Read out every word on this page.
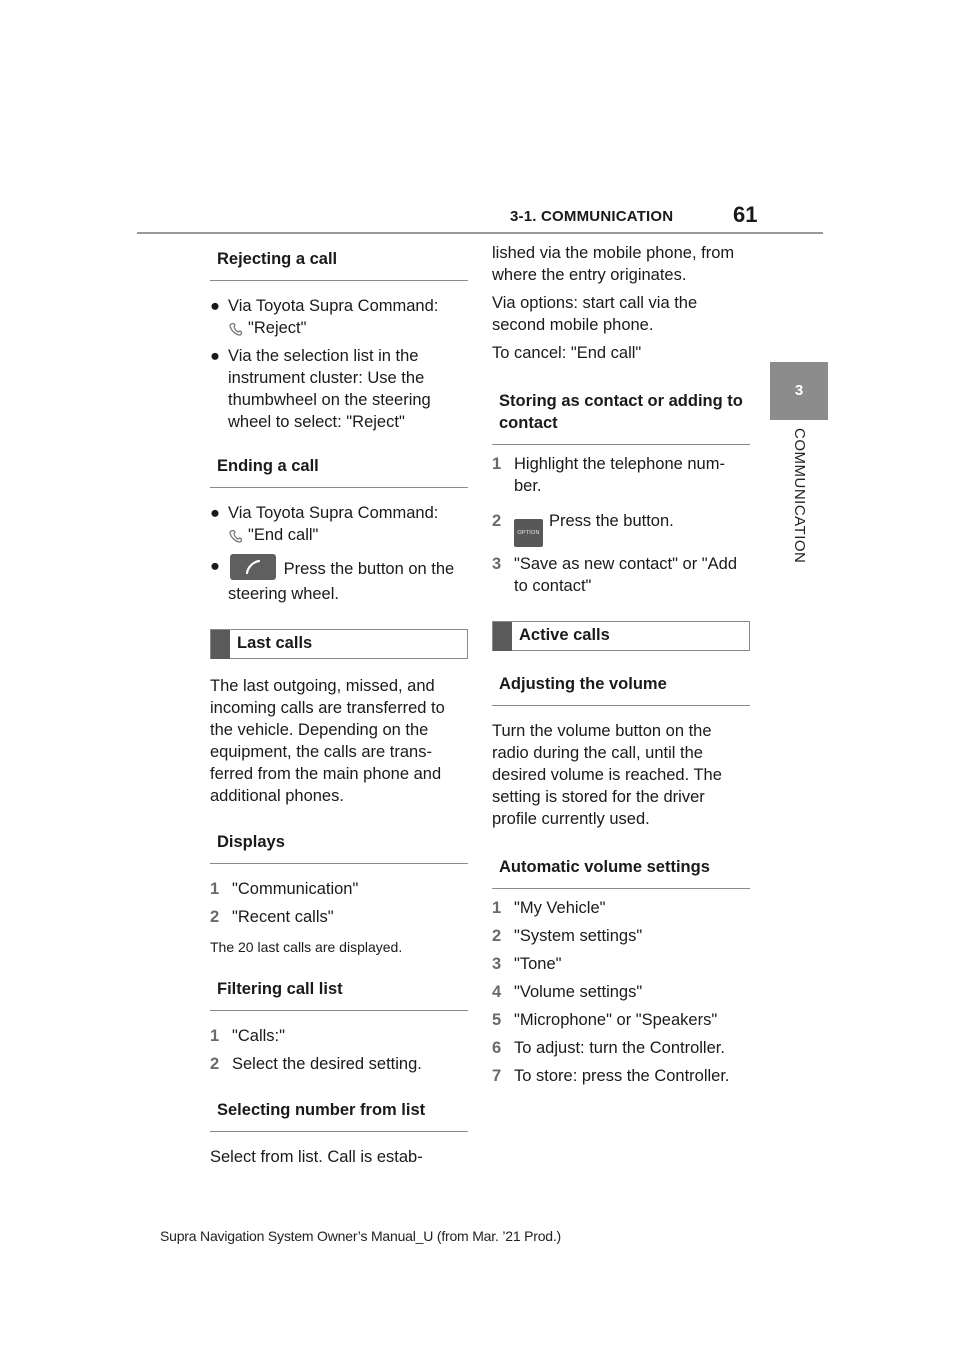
3-1. COMMUNICATION	61
3
COMMUNICATION
Rejecting a call
● Via Toyota Supra Command:

"Reject"

● Via the selection list in the instrument cluster: Use the thumbwheel on the steering wheel to select: "Reject"

Ending a call
● Via Toyota Supra Command:

"End call"

●	Press the button on the steering wheel.

Last calls

The last outgoing, missed, and incoming calls are transferred to the vehicle. Depending on the equipment, the calls are trans-ferred from the main phone and additional phones.

Displays
1 "Communication"

2 "Recent calls"

The 20 last calls are displayed.

Filtering call list
1 "Calls:"

2 Select the desired setting.

Selecting number from list

Select from list. Call is estab-

lished via the mobile phone, from where the entry originates.

Via options: start call via the second mobile phone.

To cancel: "End call"

Storing as contact or adding to contact
1 Highlight the telephone num-ber.

2

OPTIONPress the button.

3 "Save as new contact" or "Add to contact"

Active calls
Adjusting the volume

Turn the volume button on the radio during the call, until the desired volume is reached. The setting is stored for the driver profile currently used.

Automatic volume settings
1 "My Vehicle"

2 "System settings"

3 "Tone"

4 "Volume settings"

5 "Microphone" or "Speakers"

6 To adjust: turn the Controller.

7 To store: press the Controller.

Supra Navigation System Owner’s Manual_U (from Mar. ’21 Prod.)
